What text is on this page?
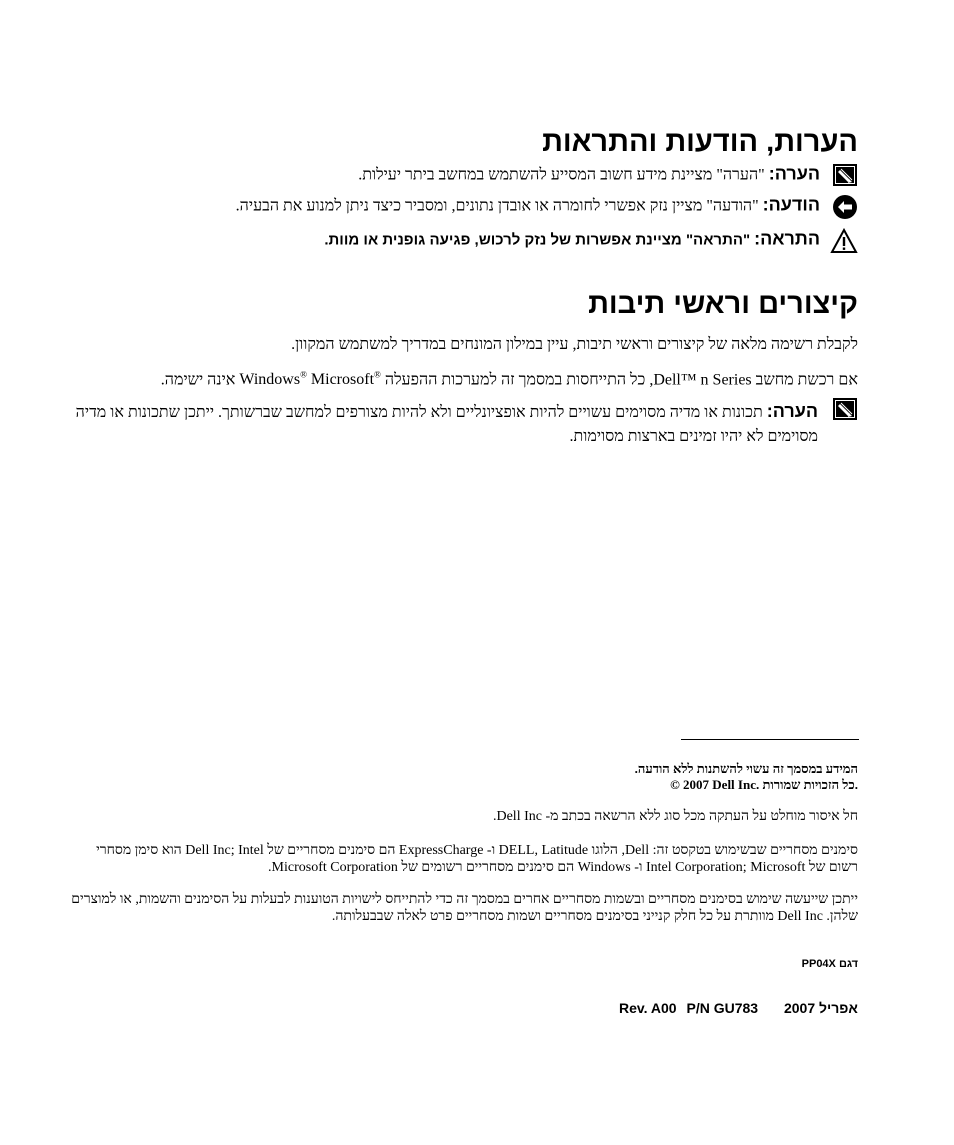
הערות, הודעות והתראות
הערה: "הערה" מציינת מידע חשוב המסייע להשתמש במחשב ביתר יעילות.
הודעה: "הודעה" מציין נזק אפשרי לחומרה או אובדן נתונים, ומסביר כיצד ניתן למנוע את הבעיה.
התראה: "התראה" מציינת אפשרות של נזק לרכוש, פגיעה גופנית או מוות.
קיצורים וראשי תיבות
לקבלת רשימה מלאה של קיצורים וראשי תיבות, עיין במילון המונחים במדריך למשתמש המקוון.
אם רכשת מחשב Dell™ n Series, כל התייחסות במסמך זה למערכות ההפעלה Windows® Microsoft® אינה ישימה.
הערה: תכונות או מדיה מסוימים עשויים להיות אופציונליים ולא להיות מצורפים למחשב שברשותך. ייתכן שתכונות או מדיה מסוימים לא יהיו זמינים בארצות מסוימות.
המידע במסמך זה עשוי להשתנות ללא הודעה.
© 2007 Dell Inc. כל הזכויות שמורות.
חל איסור מוחלט על העתקה מכל סוג ללא הרשאה בכתב מ- Dell Inc.
סימנים מסחריים שבשימוש בטקסט זה: Dell, הלוגו DELL, Latitude ו- ExpressCharge הם סימנים מסחריים של Dell Inc; Intel הוא סימן מסחרי רשום של Intel Corporation; Microsoft ו- Windows הם סימנים מסחריים רשומים של Microsoft Corporation.
ייתכן שייעשה שימוש בסימנים מסחריים ובשמות מסחריים אחרים במסמך זה כדי להתייחס לישויות הטוענות לבעלות על הסימנים והשמות, או למוצרים שלהן. Dell Inc מוותרת על כל חלק קנייני בסימנים מסחריים ושמות מסחריים פרט לאלה שבבעלותה.
דגם PP04X
Rev. A00 P/N GU783 אפריל 2007
